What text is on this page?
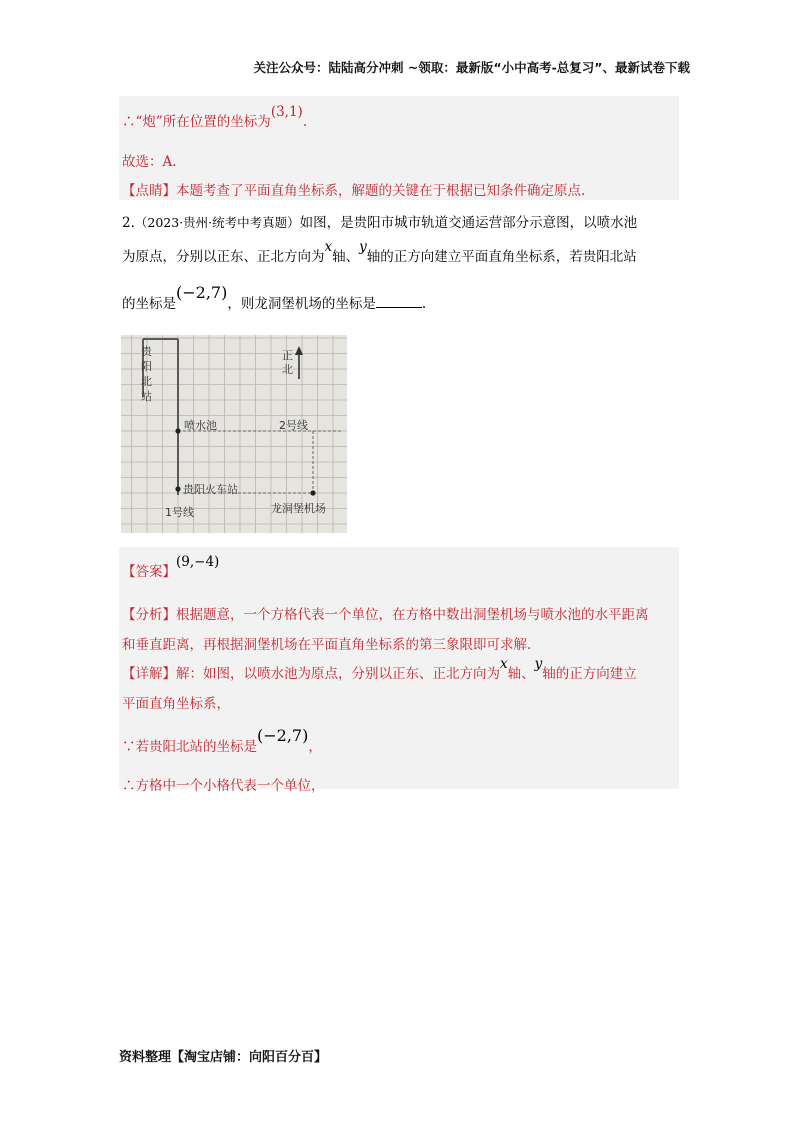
关注公众号：陆陆高分冲刺 ~领取：最新版“小中高考-总复习”、最新试卷下载
∴“炮”所在位置的坐标为(3,1).
故选：A.
【点睛】本题考查了平面直角坐标系，解题的关键在于根据已知条件确定原点.
2.（2023·贵州·统考中考真题）如图，是贵阳市城市轨道交通运营部分示意图，以喷水池
为原点，分别以正东、正北方向为x轴、y轴的正方向建立平面直角坐标系，若贵阳北站
的坐标是(−2,7)，则龙洞堡机场的坐标是	.
贵阳北站
正北
喷水池	2号线
贵阳火车站
1号线	龙洞堡机场
【答案】(9,−4)
【分析】根据题意，一个方格代表一个单位，在方格中数出洞堡机场与喷水池的水平距离
和垂直距离，再根据洞堡机场在平面直角坐标系的第三象限即可求解.
【详解】解：如图，以喷水池为原点，分别以正东、正北方向为x轴、y轴的正方向建立
平面直角坐标系，
∵若贵阳北站的坐标是(−2,7)，
∴方格中一个小格代表一个单位，
资料整理【淘宝店铺：向阳百分百】
